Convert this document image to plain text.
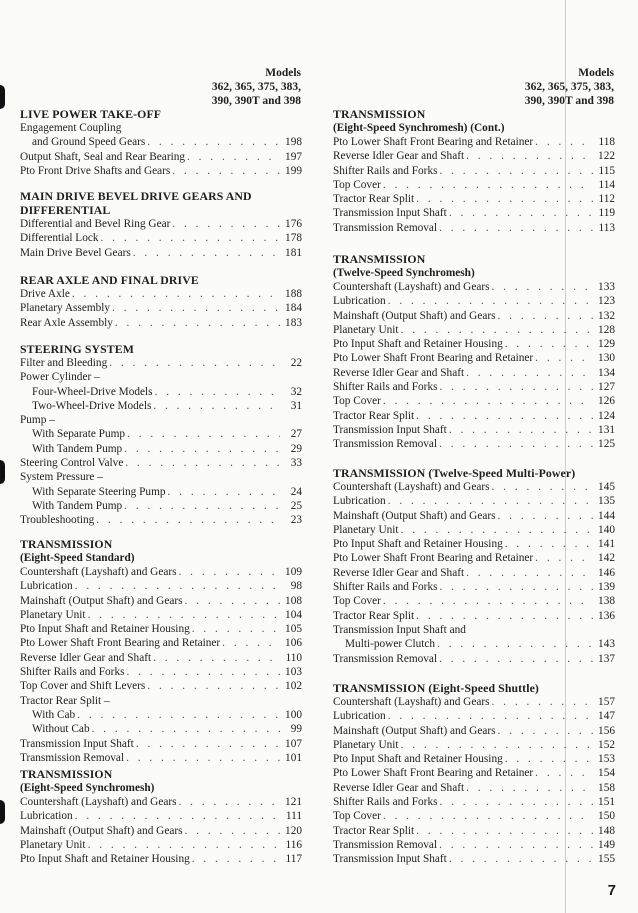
Models
362, 365, 375, 383,
390, 390T and 398
Models
362, 365, 375, 383,
390, 390T and 398
LIVE POWER TAKE-OFF
Engagement Coupling
and Ground Speed Gears . . .	198
Output Shaft, Seal and Rear Bearing . . .	197
Pto Front Drive Shafts and Gears . . .	199
MAIN DRIVE BEVEL DRIVE GEARS AND DIFFERENTIAL
Differential and Bevel Ring Gear . . .	176
Differential Lock . . .	178
Main Drive Bevel Gears . . .	181
REAR AXLE AND FINAL DRIVE
Drive Axle . . .	188
Planetary Assembly . . .	184
Rear Axle Assembly . . .	183
STEERING SYSTEM
Filter and Bleeding . . .	22
Power Cylinder –
Four-Wheel-Drive Models . . .	32
Two-Wheel-Drive Models . . .	31
Pump –
With Separate Pump . . .	27
With Tandem Pump . . .	29
Steering Control Valve . . .	33
System Pressure –
With Separate Steering Pump . . .	24
With Tandem Pump . . .	25
Troubleshooting . . .	23
TRANSMISSION
(Eight-Speed Standard)
Countershaft (Layshaft) and Gears . . .	109
Lubrication . . .	98
Mainshaft (Output Shaft) and Gears . . .	108
Planetary Unit . . .	104
Pto Input Shaft and Retainer Housing . . .	105
Pto Lower Shaft Front Bearing and Retainer . . .	106
Reverse Idler Gear and Shaft . . .	110
Shifter Rails and Forks . . .	103
Top Cover and Shift Levers . . .	102
Tractor Rear Split –
With Cab . . .	100
Without Cab . . .	99
Transmission Input Shaft . . .	107
Transmission Removal . . .	101
TRANSMISSION
(Eight-Speed Synchromesh)
Countershaft (Layshaft) and Gears . . .	121
Lubrication . . .	111
Mainshaft (Output Shaft) and Gears . . .	120
Planetary Unit . . .	116
Pto Input Shaft and Retainer Housing . . .	117
TRANSMISSION
(Eight-Speed Synchromesh) (Cont.)
Pto Lower Shaft Front Bearing and Retainer . . .	118
Reverse Idler Gear and Shaft . . .	122
Shifter Rails and Forks . . .	115
Top Cover . . .	114
Tractor Rear Split . . .	112
Transmission Input Shaft . . .	119
Transmission Removal . . .	113
TRANSMISSION
(Twelve-Speed Synchromesh)
Countershaft (Layshaft) and Gears . . .	133
Lubrication . . .	123
Mainshaft (Output Shaft) and Gears . . .	132
Planetary Unit . . .	128
Pto Input Shaft and Retainer Housing . . .	129
Pto Lower Shaft Front Bearing and Retainer . . .	130
Reverse Idler Gear and Shaft . . .	134
Shifter Rails and Forks . . .	127
Top Cover . . .	126
Tractor Rear Split . . .	124
Transmission Input Shaft . . .	131
Transmission Removal . . .	125
TRANSMISSION (Twelve-Speed Multi-Power)
Countershaft (Layshaft) and Gears . . .	145
Lubrication . . .	135
Mainshaft (Output Shaft) and Gears . . .	144
Planetary Unit . . .	140
Pto Input Shaft and Retainer Housing . . .	141
Pto Lower Shaft Front Bearing and Retainer . . .	142
Reverse Idler Gear and Shaft . . .	146
Shifter Rails and Forks . . .	139
Top Cover . . .	138
Tractor Rear Split . . .	136
Transmission Input Shaft and
Multi-power Clutch . . .	143
Transmission Removal . . .	137
TRANSMISSION (Eight-Speed Shuttle)
Countershaft (Layshaft) and Gears . . .	157
Lubrication . . .	147
Mainshaft (Output Shaft) and Gears . . .	156
Planetary Unit . . .	152
Pto Input Shaft and Retainer Housing . . .	153
Pto Lower Shaft Front Bearing and Retainer . . .	154
Reverse Idler Gear and Shaft . . .	158
Shifter Rails and Forks . . .	151
Top Cover . . .	150
Tractor Rear Split . . .	148
Transmission Removal . . .	149
Transmission Input Shaft . . .	155
7
